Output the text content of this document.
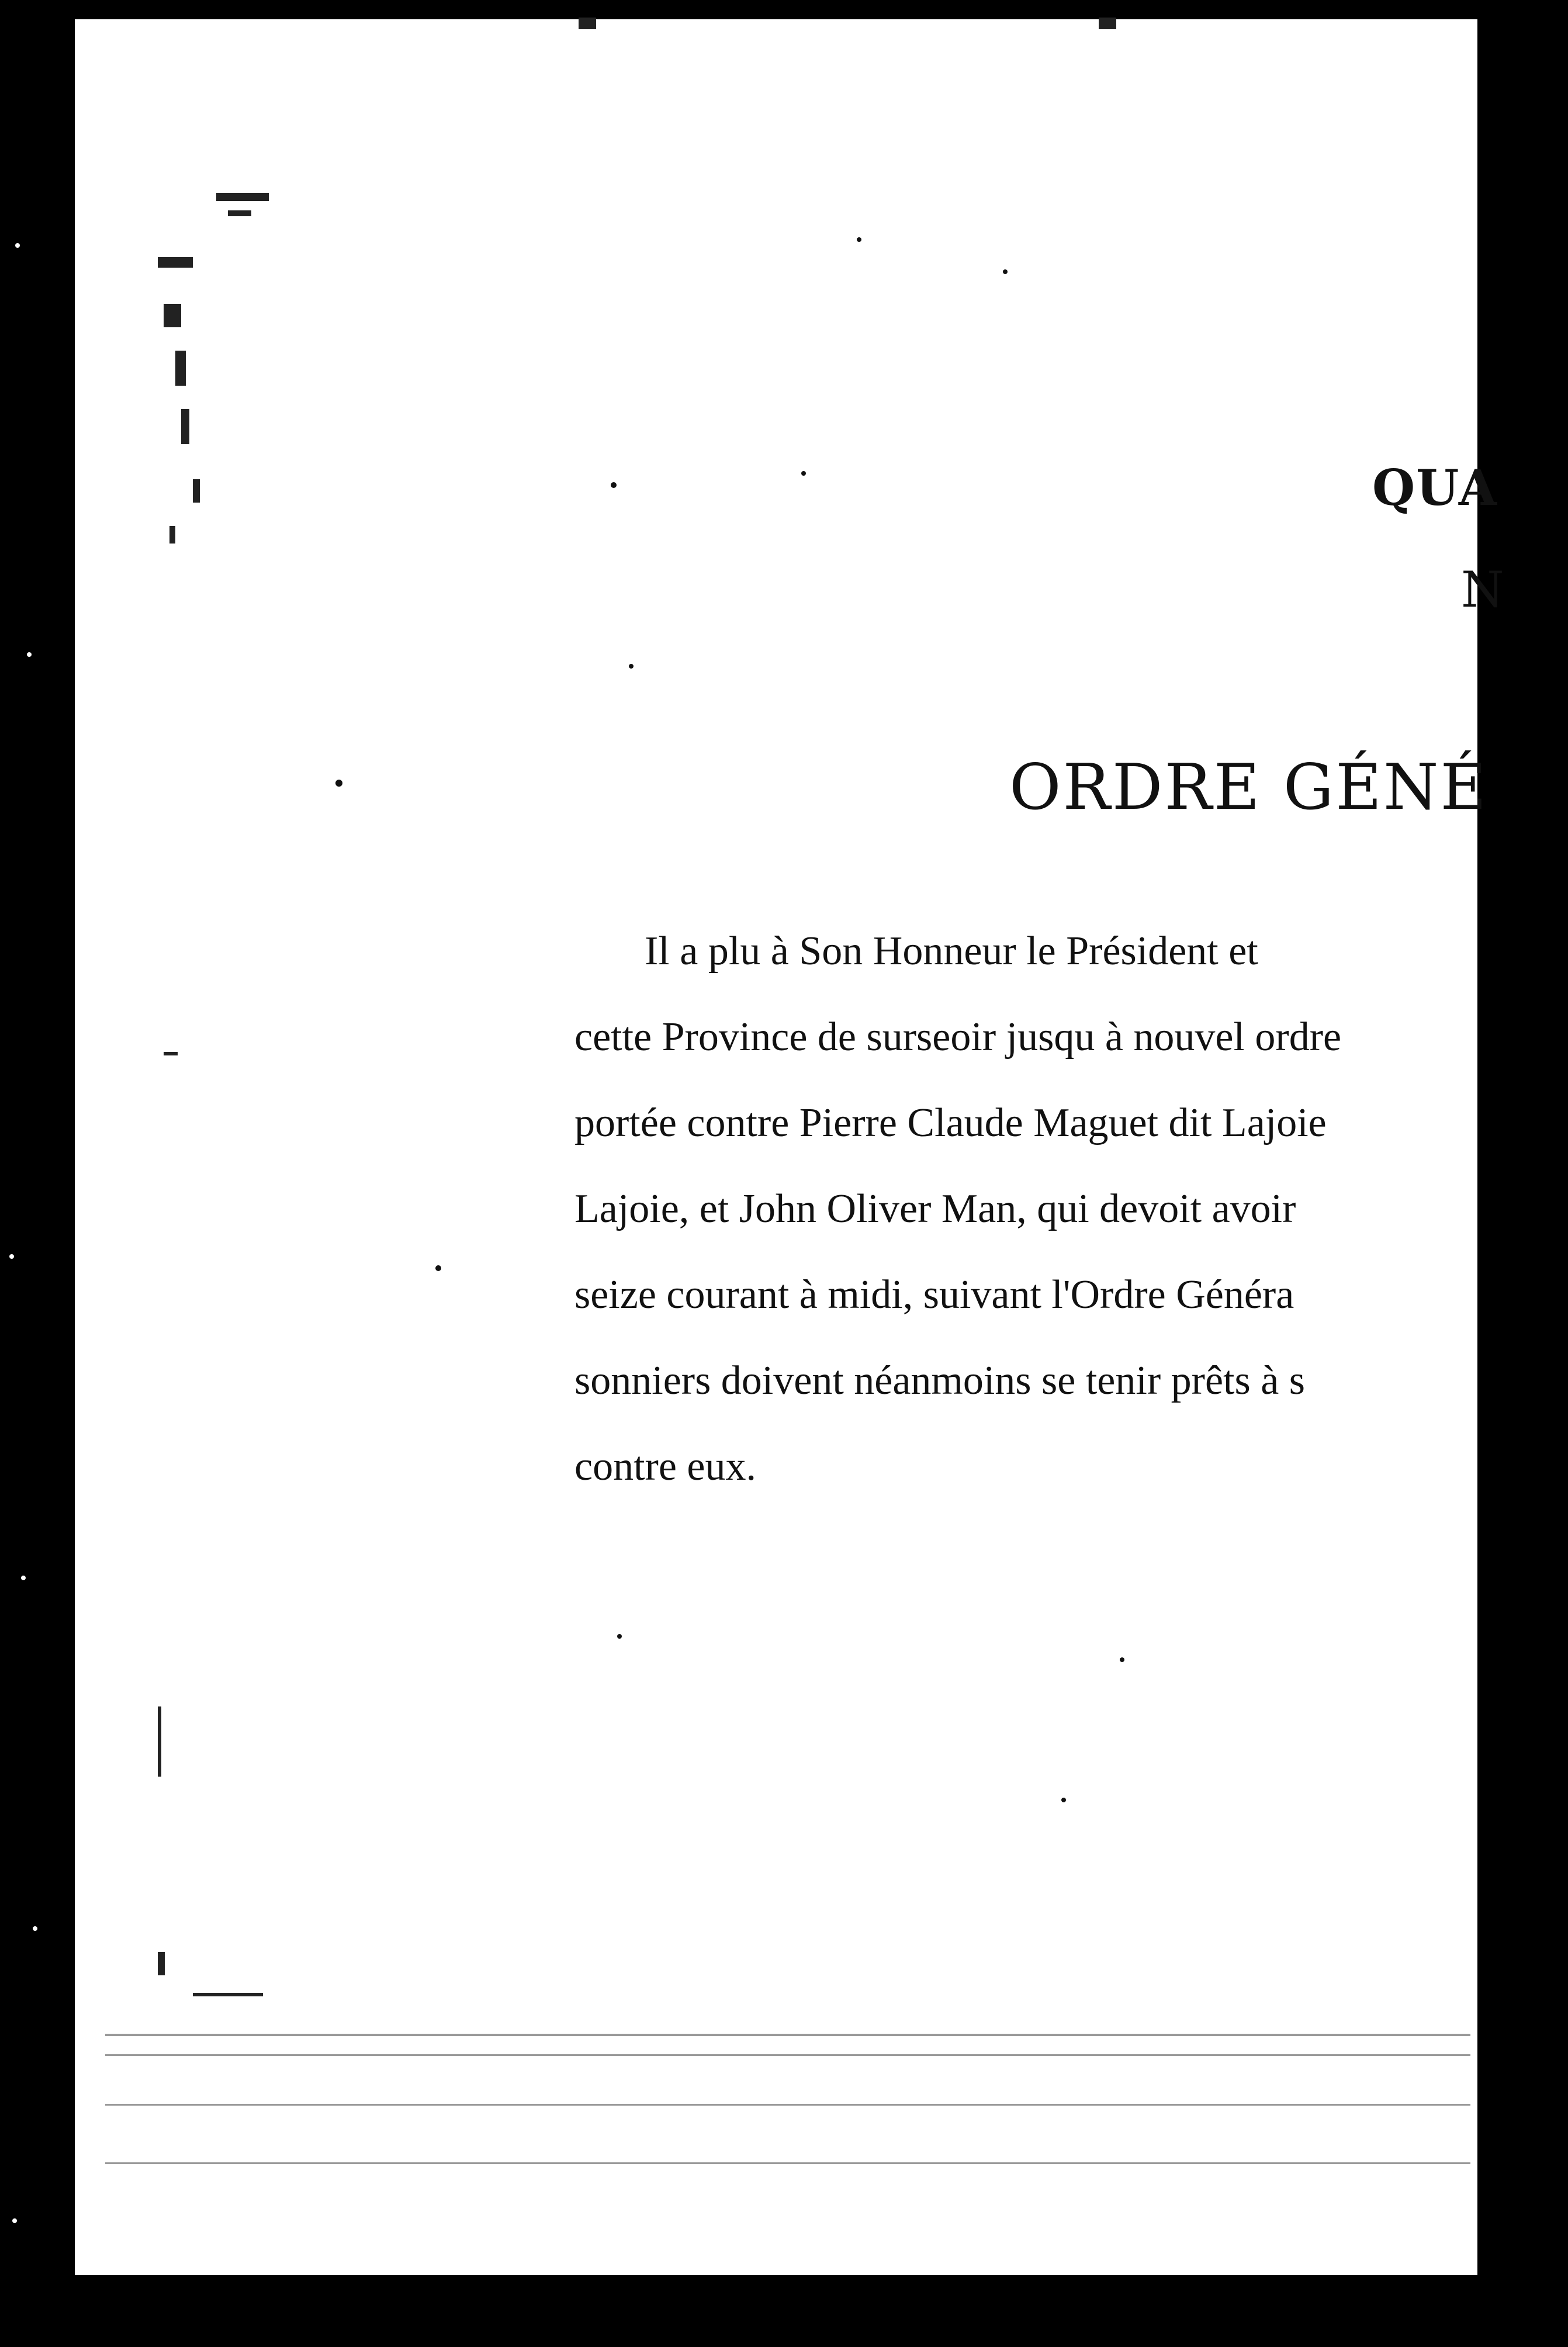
QUA
N
ORDRE GÉNÉ
Il a plu à Son Honneur le Président et
cette Province de surseoir jusqu à nouvel ordre
portée contre Pierre Claude Maguet dit Lajoie
Lajoie, et John Oliver Man, qui devoit avoir
seize courant à midi, suivant l'Ordre Généra
sonniers doivent néanmoins se tenir prêts à s
contre eux.
